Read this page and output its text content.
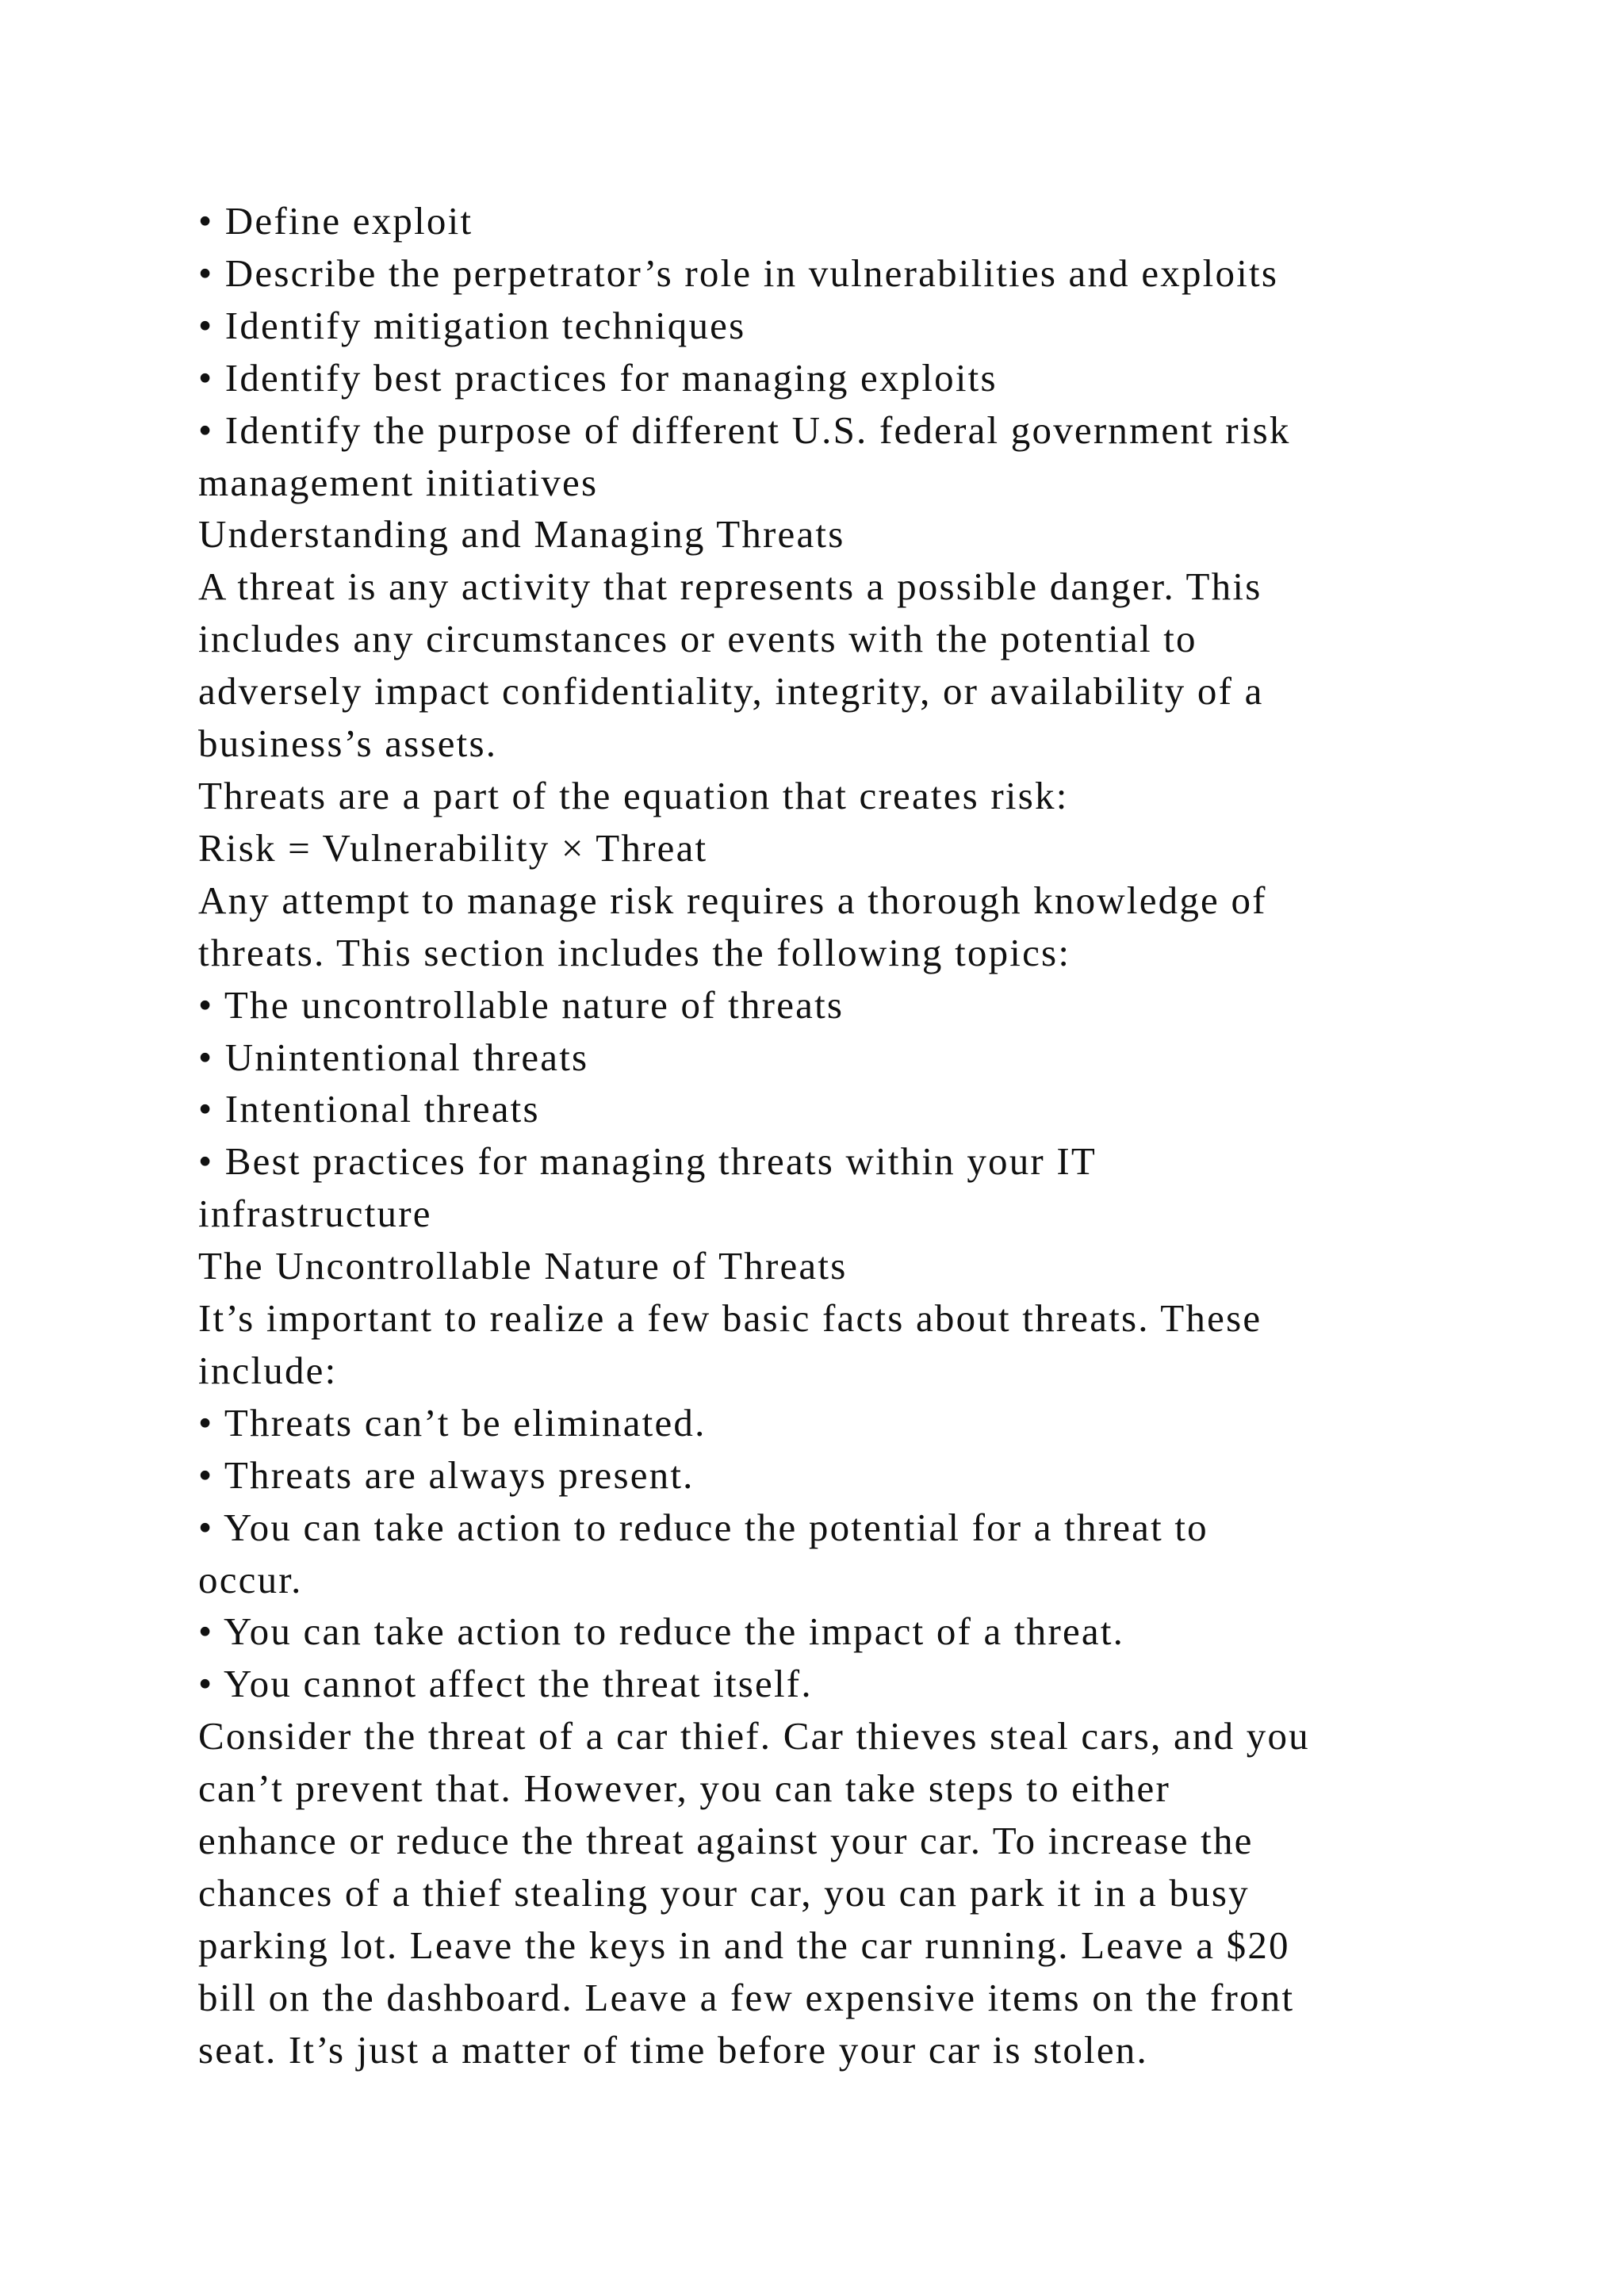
• Define exploit

• Describe the perpetrator’s role in vulnerabilities and exploits

• Identify mitigation techniques

• Identify best practices for managing exploits

• Identify the purpose of different U.S. federal government risk

management initiatives

Understanding and Managing Threats

A threat is any activity that represents a possible danger. This

includes any circumstances or events with the potential to

adversely impact confidentiality, integrity, or availability of a

business’s assets.

Threats are a part of the equation that creates risk:

Risk = Vulnerability × Threat

Any attempt to manage risk requires a thorough knowledge of

threats. This section includes the following topics:

• The uncontrollable nature of threats

• Unintentional threats

• Intentional threats

• Best practices for managing threats within your IT

infrastructure

The Uncontrollable Nature of Threats

It’s important to realize a few basic facts about threats. These

include:

• Threats can’t be eliminated.

• Threats are always present.

• You can take action to reduce the potential for a threat to

occur.

• You can take action to reduce the impact of a threat.

• You cannot affect the threat itself.

Consider the threat of a car thief. Car thieves steal cars, and you

can’t prevent that. However, you can take steps to either

enhance or reduce the threat against your car. To increase the

chances of a thief stealing your car, you can park it in a busy

parking lot. Leave the keys in and the car running. Leave a $20

bill on the dashboard. Leave a few expensive items on the front

seat. It’s just a matter of time before your car is stolen.
